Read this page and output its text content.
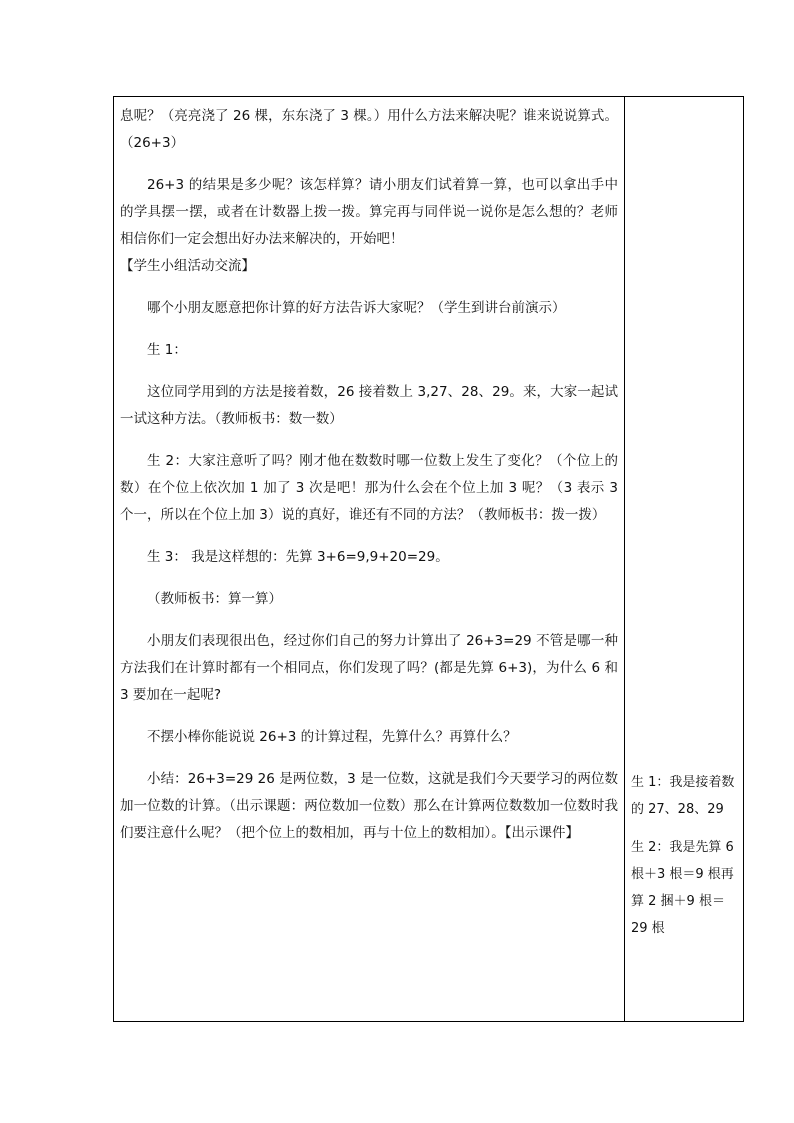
息呢？（亮亮浇了 26 棵，东东浇了 3 棵。）用什么方法来解决呢？谁来说说算式。（26+3）

26+3 的结果是多少呢？该怎样算？请小朋友们试着算一算，也可以拿出手中的学具摆一摆，或者在计数器上拨一拨。算完再与同伴说一说你是怎么想的？老师相信你们一定会想出好办法来解决的，开始吧！

【学生小组活动交流】

哪个小朋友愿意把你计算的好方法告诉大家呢？（学生到讲台前演示）

生 1：

这位同学用到的方法是接着数，26 接着数上 3,27、28、29。来，大家一起试一试这种方法。（教师板书：数一数）

生 2：大家注意听了吗？刚才他在数数时哪一位数上发生了变化？（个位上的数）在个位上依次加 1 加了 3 次是吧！那为什么会在个位上加 3 呢？（3 表示 3 个一，所以在个位上加 3）说的真好，谁还有不同的方法？（教师板书：拨一拨）

生 3： 我是这样想的：先算 3+6=9,9+20=29。

（教师板书：算一算）

小朋友们表现很出色，经过你们自己的努力计算出了 26+3=29 不管是哪一种方法我们在计算时都有一个相同点，你们发现了吗？(都是先算 6+3)，为什么 6 和 3 要加在一起呢?

不摆小棒你能说说 26+3 的计算过程，先算什么？再算什么？

小结：26+3=29 26 是两位数，3 是一位数，这就是我们今天要学习的两位数加一位数的计算。（出示课题：两位数加一位数）那么在计算两位数数加一位数时我们要注意什么呢？（把个位上的数相加，再与十位上的数相加）。【出示课件】

生 1：我是接着数的 27、28、29

生 2：我是先算 6 根＋3 根＝9 根再算 2 捆＋9 根＝29 根
